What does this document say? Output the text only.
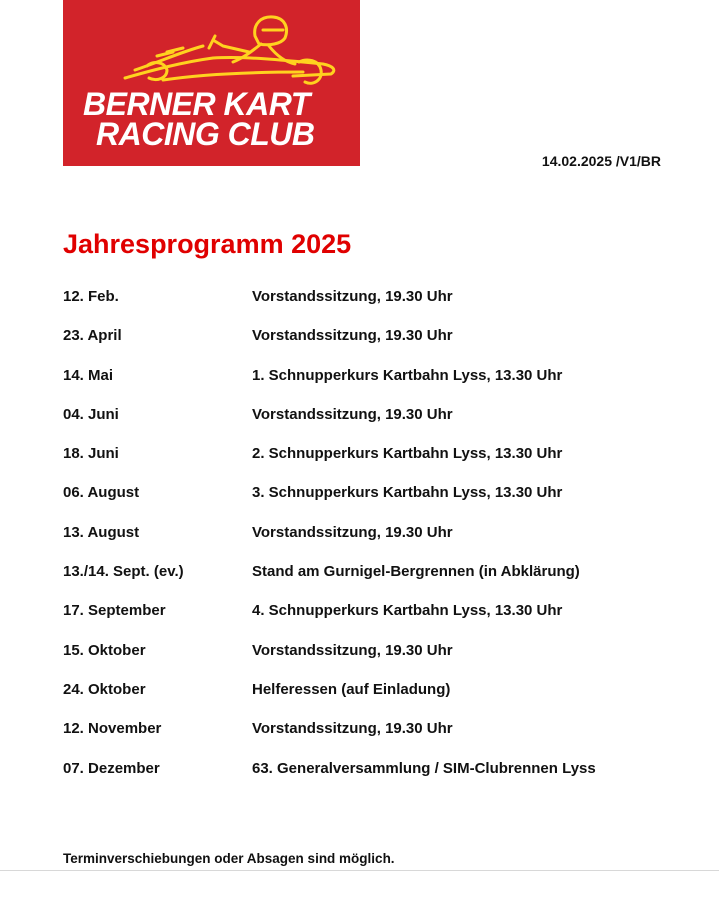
BERNER KART
RACING CLUB
14.02.2025 /V1/BR
Jahresprogramm 2025
12. Feb.	Vorstandssitzung, 19.30 Uhr
23. April	Vorstandssitzung, 19.30 Uhr
14. Mai	1. Schnupperkurs Kartbahn Lyss, 13.30 Uhr
04. Juni	Vorstandssitzung, 19.30 Uhr
18. Juni	2. Schnupperkurs Kartbahn Lyss, 13.30 Uhr
06. August	3. Schnupperkurs Kartbahn Lyss, 13.30 Uhr
13. August	Vorstandssitzung, 19.30 Uhr
13./14. Sept. (ev.)	Stand am Gurnigel-Bergrennen (in Abklärung)
17. September	4. Schnupperkurs Kartbahn Lyss, 13.30 Uhr
15. Oktober	Vorstandssitzung, 19.30 Uhr
24. Oktober	Helferessen (auf Einladung)
12. November	Vorstandssitzung, 19.30 Uhr
07. Dezember	63. Generalversammlung / SIM-Clubrennen Lyss
Terminverschiebungen oder Absagen sind möglich.
